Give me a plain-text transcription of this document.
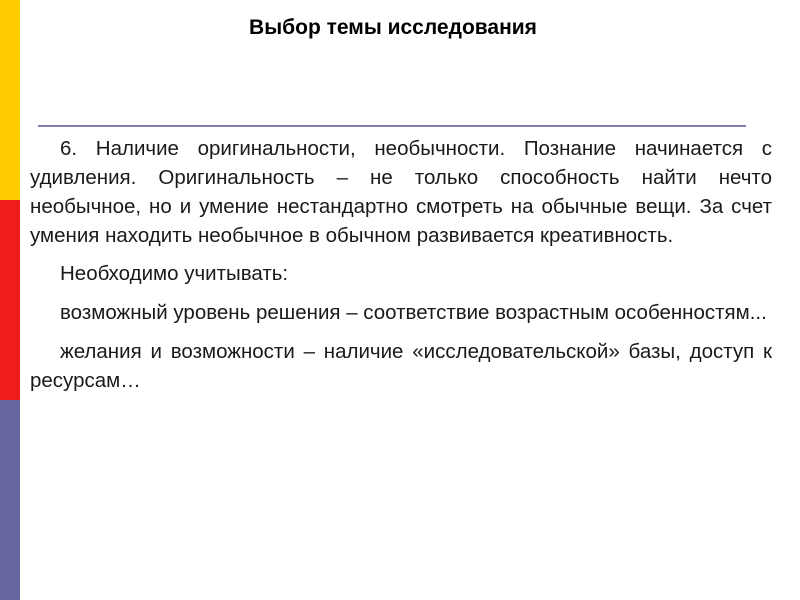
Выбор темы исследования

6. Наличие оригинальности, необычности. Познание начинается с удивления. Оригинальность – не только способность найти нечто необычное, но и умение нестандартно смотреть на обычные вещи. За счет умения находить необычное в обычном развивается креативность.

Необходимо учитывать:

возможный уровень решения – соответствие возрастным особенностям...

желания и возможности – наличие «исследовательской» базы, доступ к ресурсам…
